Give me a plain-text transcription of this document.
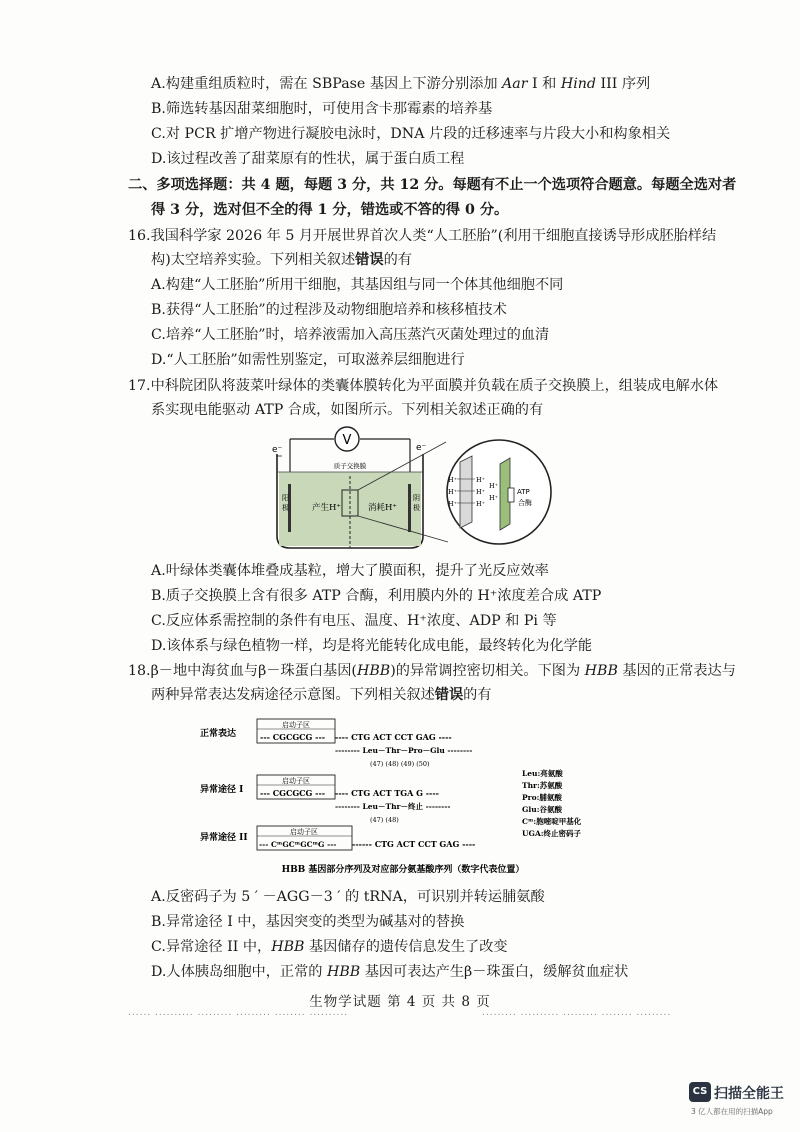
A.构建重组质粒时，需在 SBPase 基因上下游分别添加 Aar I 和 Hind III 序列
B.筛选转基因甜菜细胞时，可使用含卡那霉素的培养基
C.对 PCR 扩增产物进行凝胶电泳时，DNA 片段的迁移速率与片段大小和构象相关
D.该过程改善了甜菜原有的性状，属于蛋白质工程
二、多项选择题：共 4 题，每题 3 分，共 12 分。每题有不止一个选项符合题意。每题全选对者
得 3 分，选对但不全的得 1 分，错选或不答的得 0 分。
16.我国科学家 2026 年 5 月开展世界首次人类“人工胚胎”(利用干细胞直接诱导形成胚胎样结
构)太空培养实验。下列相关叙述错误的有
A.构建“人工胚胎”所用干细胞，其基因组与同一个体其他细胞不同
B.获得“人工胚胎”的过程涉及动物细胞培养和核移植技术
C.培养“人工胚胎”时，培养液需加入高压蒸汽灭菌处理过的血清
D.“人工胚胎”如需性别鉴定，可取滋养层细胞进行
17.中科院团队将菠菜叶绿体的类囊体膜转化为平面膜并负载在质子交换膜上，组装成电解水体
系实现电能驱动 ATP 合成，如图所示。下列相关叙述正确的有
V
e⁻	e⁻
质子交换膜
阳
极
阴
极
产生H⁺	消耗H⁺
H⁺
H⁺
H⁺
H⁺
H⁺
H⁺
H⁺
H⁺
ATP
合酶
A.叶绿体类囊体堆叠成基粒，增大了膜面积，提升了光反应效率
B.质子交换膜上含有很多 ATP 合酶，利用膜内外的 H⁺浓度差合成 ATP
C.反应体系需控制的条件有电压、温度、H⁺浓度、ADP 和 Pi 等
D.该体系与绿色植物一样，均是将光能转化成电能，最终转化为化学能
18.β－地中海贫血与β－珠蛋白基因(HBB)的异常调控密切相关。下图为 HBB 基因的正常表达与
两种异常表达发病途径示意图。下列相关叙述错误的有
正常表达
启动子区
--- CGCGCG --- ---- CTG ACT CCT GAG ----
-------- Leu－Thr－Pro－Glu --------
(47) (48) (49) (50)
异常途径 I
启动子区
--- CGCGCG --- ---- CTG ACT TGA G ----
-------- Leu－Thr－终止 --------
(47) (48)
Leu:亮氨酸
Thr:苏氨酸
Pro:脯氨酸
Glu:谷氨酸
Cᵐ:胞嘧啶甲基化
UGA:终止密码子
异常途径 II
启动子区
--- CᵐGCᵐGCᵐG --- ------ CTG ACT CCT GAG ----
HBB 基因部分序列及对应部分氨基酸序列（数字代表位置）
A.反密码子为 5 ′ －AGG－3 ′ 的 tRNA，可识别并转运脯氨酸
B.异常途径 I 中，基因突变的类型为碱基对的替换
C.异常途径 II 中，HBB 基因储存的遗传信息发生了改变
D.人体胰岛细胞中，正常的 HBB 基因可表达产生β－珠蛋白，缓解贫血症状
生物学试题 第 4 页 共 8 页
...... .......... ......... ......... ........ ..........	......... .......... ......... ........ .........
CS 扫描全能王
3 亿人都在用的扫描App
